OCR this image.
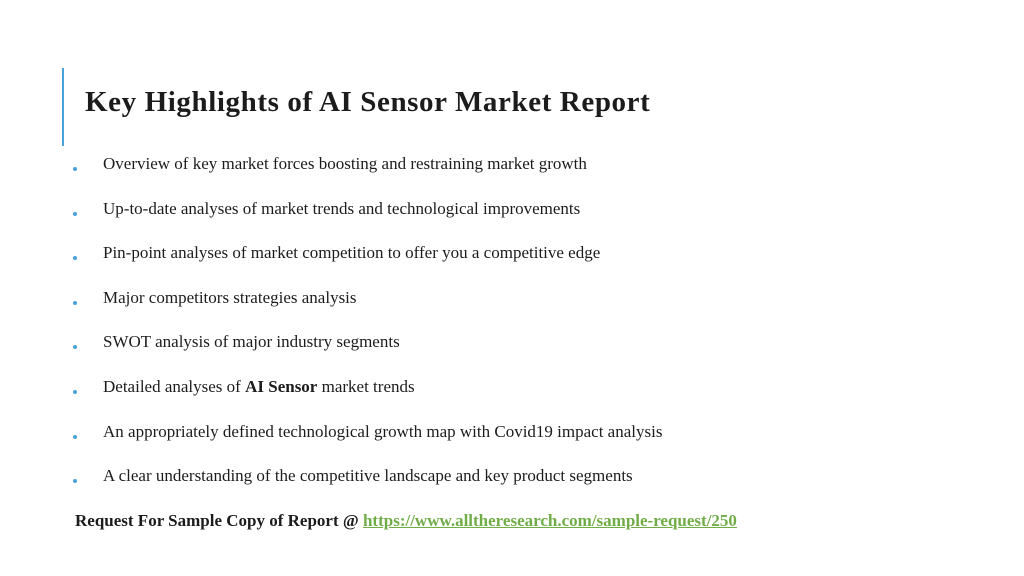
Key Highlights of AI Sensor Market Report
Overview of key market forces boosting and restraining market growth
Up-to-date analyses of market trends and technological improvements
Pin-point analyses of market competition to offer you a competitive edge
Major competitors strategies analysis
SWOT analysis of major industry segments
Detailed analyses of AI Sensor market trends
An appropriately defined technological growth map with Covid19 impact analysis
A clear understanding of the competitive landscape and key product segments
Request For Sample Copy of Report @ https://www.alltheresearch.com/sample-request/250
